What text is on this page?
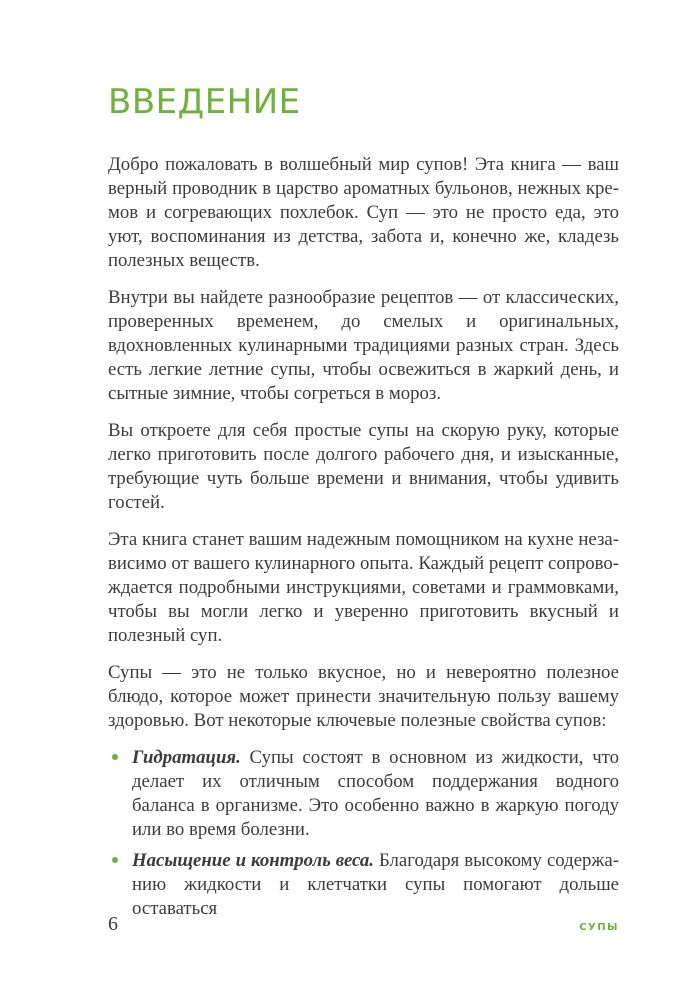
ВВЕДЕНИЕ

Добро пожаловать в волшебный мир супов! Эта книга — ваш верный проводник в царство ароматных бульонов, нежных кремов и согревающих похлебок. Суп — это не просто еда, это уют, воспоминания из детства, забота и, конечно же, кладезь полезных веществ.

Внутри вы найдете разнообразие рецептов — от классических, проверенных временем, до смелых и оригинальных, вдохновленных кулинарными традициями разных стран. Здесь есть легкие летние супы, чтобы освежиться в жаркий день, и сытные зимние, чтобы согреться в мороз.

Вы откроете для себя простые супы на скорую руку, которые легко приготовить после долгого рабочего дня, и изысканные, требующие чуть больше времени и внимания, чтобы удивить гостей.

Эта книга станет вашим надежным помощником на кухне независимо от вашего кулинарного опыта. Каждый рецепт сопровождается подробными инструкциями, советами и граммовками, чтобы вы могли легко и уверенно приготовить вкусный и полезный суп.

Супы — это не только вкусное, но и невероятно полезное блюдо, которое может принести значительную пользу вашему здоровью. Вот некоторые ключевые полезные свойства супов:

Гидратация. Супы состоят в основном из жидкости, что делает их отличным способом поддержания водного баланса в организме. Это особенно важно в жаркую погоду или во время болезни.
Насыщение и контроль веса. Благодаря высокому содержанию жидкости и клетчатки супы помогают дольше оставаться
6	СУПЫ
